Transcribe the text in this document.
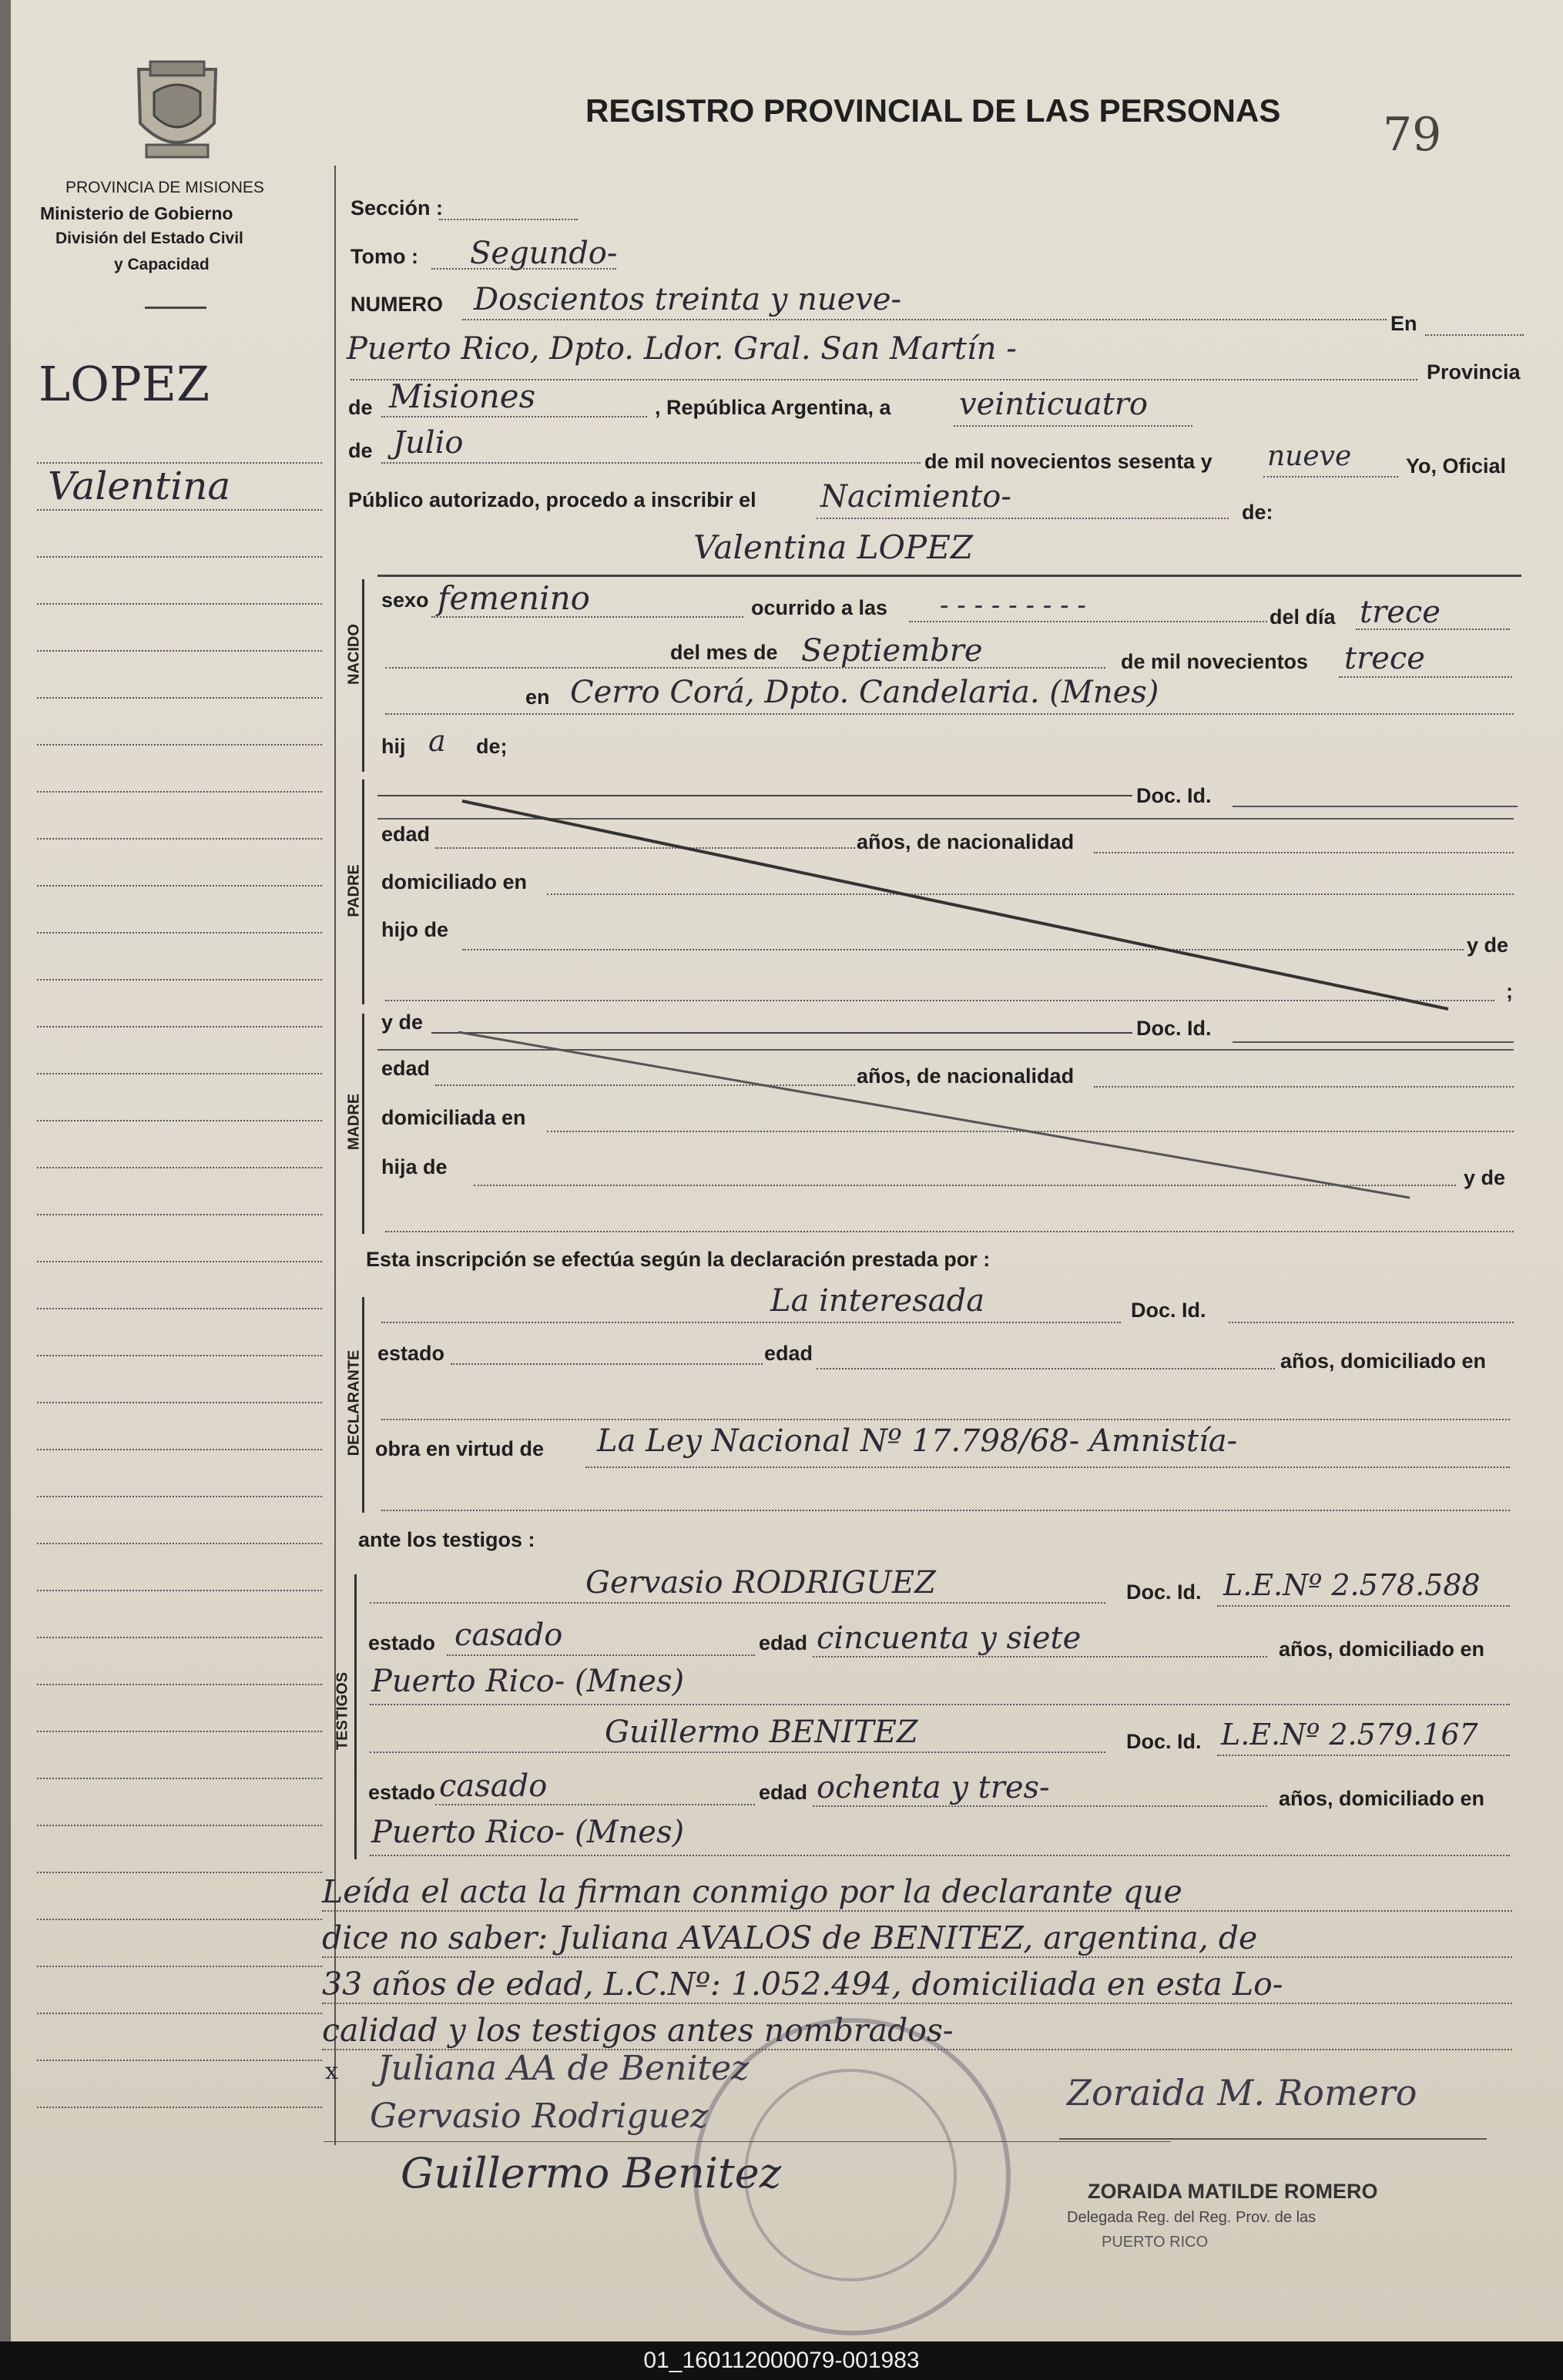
PROVINCIA DE MISIONES
Ministerio de Gobierno
División del Estado Civil
y Capacidad
REGISTRO PROVINCIAL DE LAS PERSONAS 79
LOPEZ
Valentina
Sección :
Tomo : Segundo-
NUMERO Doscientos treinta y nueve-
En
Puerto Rico, Dpto. Ldor. Gral. San Martín -
Provincia
de Misiones	, República Argentina, a veinticuatro
de Julio
de mil novecientos sesenta y nueve	Yo, Oficial
Público autorizado, procedo a inscribir el Nacimiento-	de:
Valentina LOPEZ
NACIDO
sexo femenino	ocurrido a las - - - - - - - - -	del día trece
del mes de Septiembre	de mil novecientos trece
en Cerro Corá, Dpto. Candelaria. (Mnes)
hij a de;
PADRE
Doc. Id.
edad	años, de nacionalidad
domiciliado en
hijo de
y de
;
MADRE
y de	Doc. Id.
edad	años, de nacionalidad
domiciliada en
hija de	y de
Esta inscripción se efectúa según la declaración prestada por :
DECLARANTE
La interesada	Doc. Id.
estado	edad	años, domiciliado en
obra en virtud de La Ley Nacional Nº 17.798/68- Amnistía-
ante los testigos :
TESTIGOS
Gervasio RODRIGUEZ	Doc. Id. L.E.Nº 2.578.588
estado casado	edad cincuenta y siete	años, domiciliado en
Puerto Rico- (Mnes)
Guillermo BENITEZ	Doc. Id. L.E.Nº 2.579.167
estado casado	edad ochenta y tres-	años, domiciliado en
Puerto Rico- (Mnes)
Leída el acta la firman conmigo por la declarante que
dice no saber: Juliana AVALOS de BENITEZ, argentina, de
33 años de edad, L.C.Nº: 1.052.494, domiciliada en esta Lo-
calidad y los testigos antes nombrados-
x Juliana AA de Benitez
Gervasio Rodriguez
Guillermo Benitez
Zoraida M. Romero
ZORAIDA MATILDE ROMERO
Delegada Reg. del Reg. Prov. de las
PUERTO RICO
01_160112000079-001983
